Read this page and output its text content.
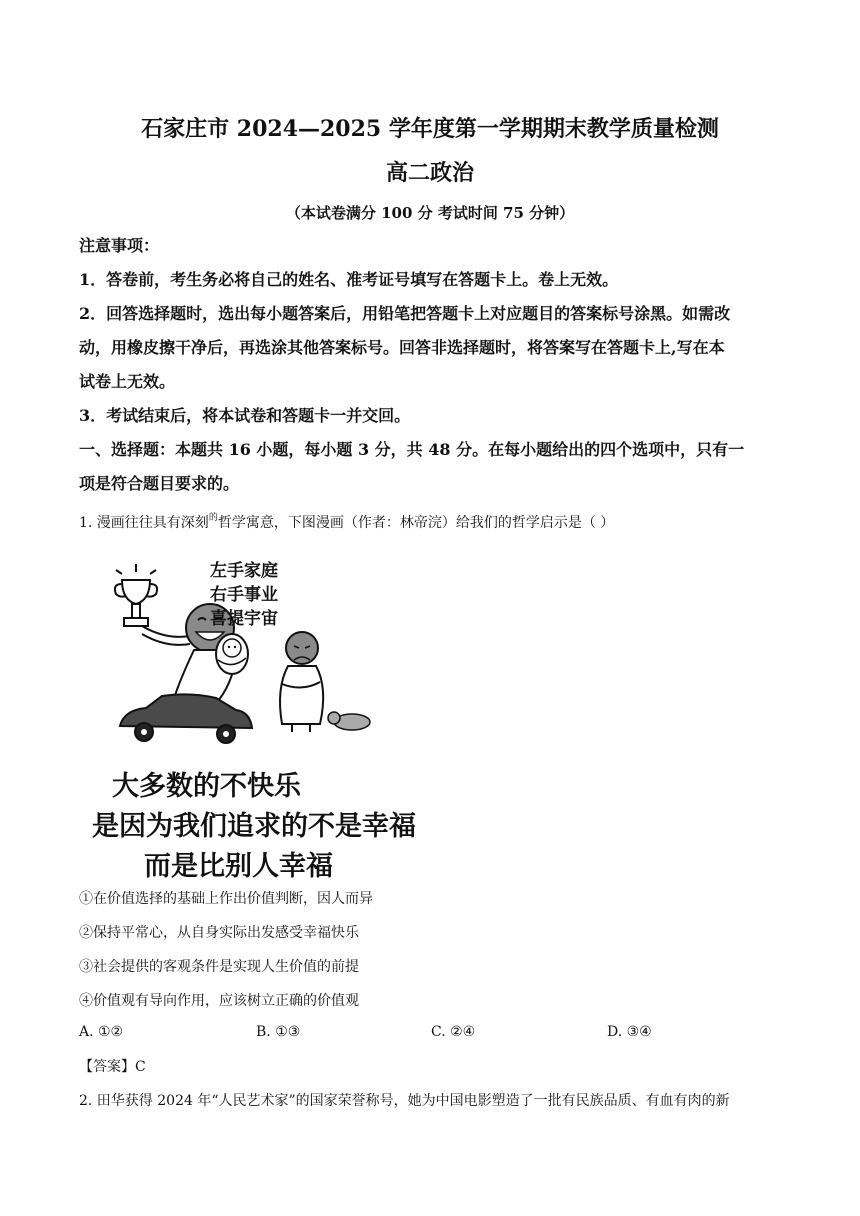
石家庄市 2024—2025 学年度第一学期期末教学质量检测
高二政治
（本试卷满分 100 分 考试时间 75 分钟）
注意事项：
1．答卷前，考生务必将自己的姓名、准考证号填写在答题卡上。卷上无效。
2．回答选择题时，选出每小题答案后，用铅笔把答题卡上对应题目的答案标号涂黑。如需改
动，用橡皮擦干净后，再选涂其他答案标号。回答非选择题时，将答案写在答题卡上,写在本
试卷上无效。
3．考试结束后，将本试卷和答题卡一并交回。
一、选择题：本题共 16 小题，每小题 3 分，共 48 分。在每小题给出的四个选项中，只有一
项是符合题目要求的。
1. 漫画往往具有深刻$^的$哲学寓意，下图漫画（作者：林帝浣）给我们的哲学启示是（ ）
左手家庭
右手事业
喜提宇宙
大多数的不快乐
是因为我们追求的不是幸福
而是比别人幸福
①在价值选择的基础上作出价值判断，因人而异
②保持平常心，从自身实际出发感受幸福快乐
③社会提供的客观条件是实现人生价值的前提
④价值观有导向作用，应该树立正确的价值观
A. ①②	B. ①③	C. ②④	D. ③④
【答案】C
2. 田华获得 2024 年“人民艺术家”的国家荣誉称号，她为中国电影塑造了一批有民族品质、有血有肉的新
